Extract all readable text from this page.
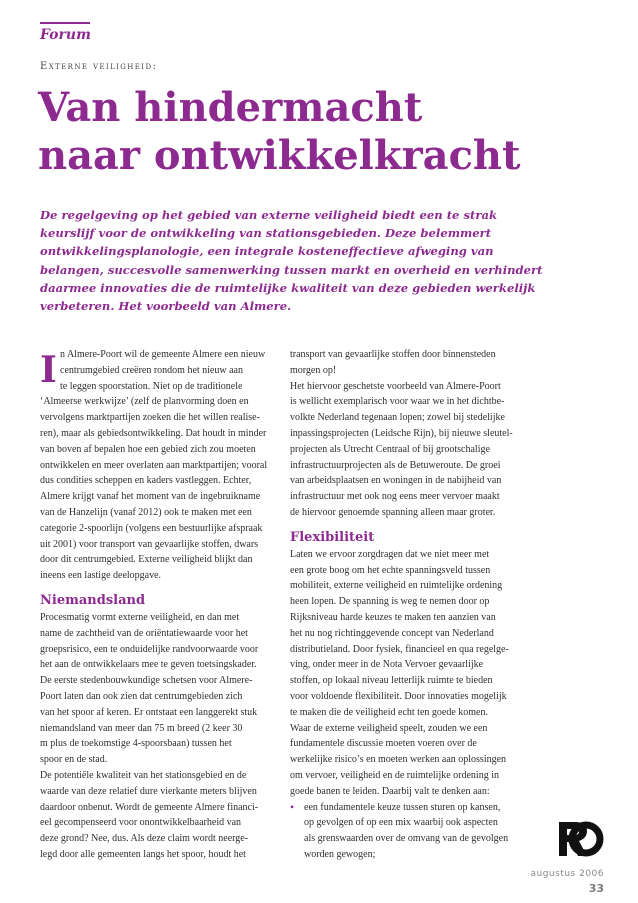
Forum
Externe veiligheid:
Van hindermacht
naar ontwikkelkracht
De regelgeving op het gebied van externe veiligheid biedt een te strak
keurslijf voor de ontwikkeling van stationsgebieden. Deze belemmert
ontwikkelingsplanologie, een integrale kosteneffectieve afweging van
belangen, succesvolle samenwerking tussen markt en overheid en verhindert
daarmee innovaties die de ruimtelijke kwaliteit van deze gebieden werkelijk
verbeteren. Het voorbeeld van Almere.
I n Almere-Poort wil de gemeente Almere een nieuw
centrumgebied creëren rondom het nieuw aan
te leggen spoorstation. Niet op de traditionele
‘Almeerse werkwijze’ (zelf de planvorming doen en
vervolgens marktpartijen zoeken die het willen realise-
ren), maar als gebiedsontwikkeling. Dat houdt in minder
van boven af bepalen hoe een gebied zich zou moeten
ontwikkelen en meer overlaten aan marktpartijen; vooral
dus condities scheppen en kaders vastleggen. Echter,
Almere krijgt vanaf het moment van de ingebruikname
van de Hanzelijn (vanaf 2012) ook te maken met een
categorie 2-spoorlijn (volgens een bestuurlijke afspraak
uit 2001) voor transport van gevaarlijke stoffen, dwars
door dit centrumgebied. Externe veiligheid blijkt dan
ineens een lastige deelopgave.
Niemandsland
Procesmatig vormt externe veiligheid, en dan met
name de zachtheid van de oriëntatiewaarde voor het
groepsrisico, een te onduidelijke randvoorwaarde voor
het aan de ontwikkelaars mee te geven toetsingskader.
De eerste stedenbouwkundige schetsen voor Almere-
Poort laten dan ook zien dat centrumgebieden zich
van het spoor af keren. Er ontstaat een langgerekt stuk
niemandsland van meer dan 75 m breed (2 keer 30
m plus de toekomstige 4-spoorsbaan) tussen het
spoor en de stad.
De potentiële kwaliteit van het stationsgebied en de
waarde van deze relatief dure vierkante meters blijven
daardoor onbenut. Wordt de gemeente Almere financi-
eel gecompenseerd voor onontwikkelbaarheid van
deze grond? Nee, dus. Als deze claim wordt neerge-
legd door alle gemeenten langs het spoor, houdt het
transport van gevaarlijke stoffen door binnensteden
morgen op!
Het hiervoor geschetste voorbeeld van Almere-Poort
is wellicht exemplarisch voor waar we in het dichtbe-
volkte Nederland tegenaan lopen; zowel bij stedelijke
inpassingsprojecten (Leidsche Rijn), bij nieuwe sleutel-
projecten als Utrecht Centraal of bij grootschalige
infrastructuurprojecten als de Betuweroute. De groei
van arbeidsplaatsen en woningen in de nabijheid van
infrastructuur met ook nog eens meer vervoer maakt
de hiervoor genoemde spanning alleen maar groter.
Flexibiliteit
Laten we ervoor zorgdragen dat we niet meer met
een grote boog om het echte spanningsveld tussen
mobiliteit, externe veiligheid en ruimtelijke ordening
heen lopen. De spanning is weg te nemen door op
Rijksniveau harde keuzes te maken ten aanzien van
het nu nog richtinggevende concept van Nederland
distributieland. Door fysiek, financieel en qua regelge-
ving, onder meer in de Nota Vervoer gevaarlijke
stoffen, op lokaal niveau letterlijk ruimte te bieden
voor voldoende flexibiliteit. Door innovaties mogelijk
te maken die de veiligheid echt ten goede komen.
Waar de externe veiligheid speelt, zouden we een
fundamentele discussie moeten voeren over de
werkelijke risico’s en moeten werken aan oplossingen
om vervoer, veiligheid en de ruimtelijke ordening in
goede banen te leiden. Daarbij valt te denken aan:
• een fundamentele keuze tussen sturen op kansen,
op gevolgen of op een mix waarbij ook aspecten
als grenswaarden over de omvang van de gevolgen
worden gewogen;
augustus 2006
33
